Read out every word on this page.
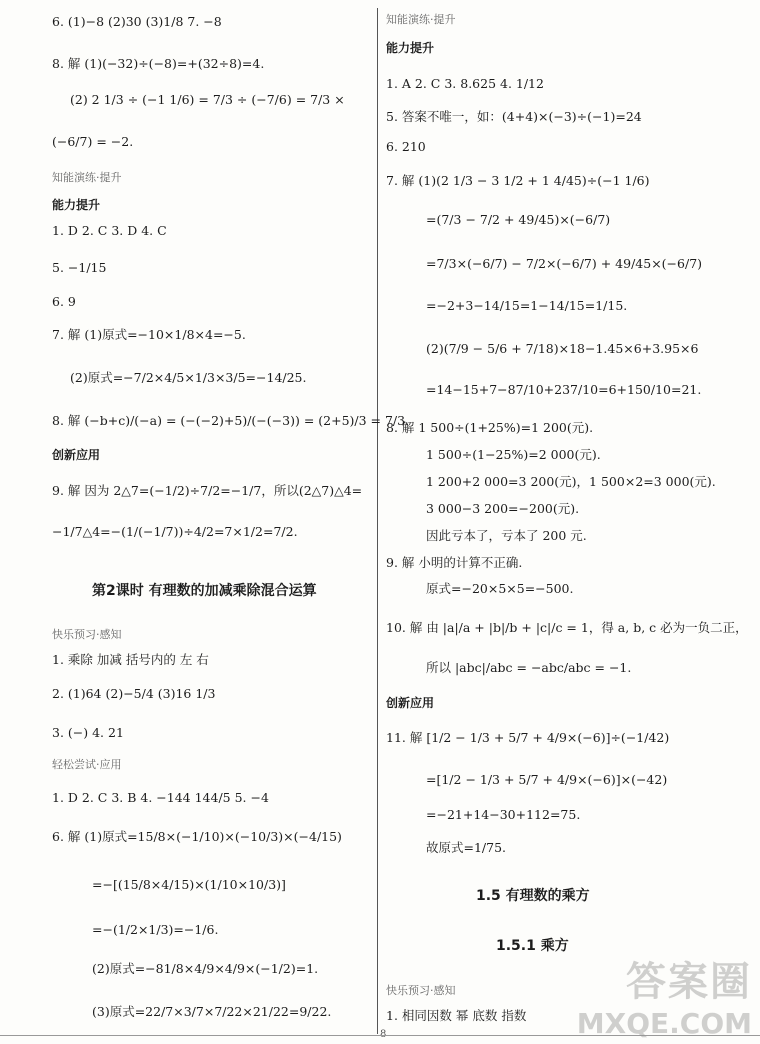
6. (1)−8 (2)30 (3)1/8 7. −8
8. 解 (1)(−32)÷(−8)=+(32÷8)=4.
(2) 2 1/3 ÷ (−1 1/6) = 7/3 ÷ (−7/6) = 7/3 ×
(−6/7) = −2.
知能演练·提升
能力提升
1. D 2. C 3. D 4. C
5. −1/15
6. 9
7. 解 (1)原式=−10×1/8×4=−5.
(2)原式=−7/2×4/5×1/3×3/5=−14/25.
8. 解 (−b+c)/(−a) = (−(−2)+5)/(−(−3)) = (2+5)/3 = 7/3.
创新应用
9. 解 因为 2△7=(−1/2)÷7/2=−1/7，所以(2△7)△4=
−1/7△4=−(1/(−1/7))÷4/2=7×1/2=7/2.
第2课时 有理数的加减乘除混合运算
快乐预习·感知
1. 乘除 加减 括号内的 左 右
2. (1)64 (2)−5/4 (3)16 1/3
3. (−) 4. 21
轻松尝试·应用
1. D 2. C 3. B 4. −144 144/5 5. −4
6. 解 (1)原式=15/8×(−1/10)×(−10/3)×(−4/15)
=−[(15/8×4/15)×(1/10×10/3)]
=−(1/2×1/3)=−1/6.
(2)原式=−81/8×4/9×4/9×(−1/2)=1.
(3)原式=22/7×3/7×7/22×21/22=9/22.
知能演练·提升
能力提升
1. A 2. C 3. 8.625 4. 1/12
5. 答案不唯一，如：(4+4)×(−3)÷(−1)=24
6. 210
7. 解 (1)(2 1/3 − 3 1/2 + 1 4/45)÷(−1 1/6)
=(7/3 − 7/2 + 49/45)×(−6/7)
=7/3×(−6/7) − 7/2×(−6/7) + 49/45×(−6/7)
=−2+3−14/15=1−14/15=1/15.
(2)(7/9 − 5/6 + 7/18)×18−1.45×6+3.95×6
=14−15+7−87/10+237/10=6+150/10=21.
8. 解 1 500÷(1+25%)=1 200(元).
1 500÷(1−25%)=2 000(元).
1 200+2 000=3 200(元)，1 500×2=3 000(元).
3 000−3 200=−200(元).
因此亏本了，亏本了 200 元.
9. 解 小明的计算不正确.
原式=−20×5×5=−500.
10. 解 由 |a|/a + |b|/b + |c|/c = 1，得 a, b, c 必为一负二正，
所以 |abc|/abc = −abc/abc = −1.
创新应用
11. 解 [1/2 − 1/3 + 5/7 + 4/9×(−6)]÷(−1/42)
=[1/2 − 1/3 + 5/7 + 4/9×(−6)]×(−42)
=−21+14−30+112=75.
故原式=1/75.
1.5 有理数的乘方
1.5.1 乘方
快乐预习·感知
1. 相同因数 幂 底数 指数
答案圈
MXQE.COM
8
